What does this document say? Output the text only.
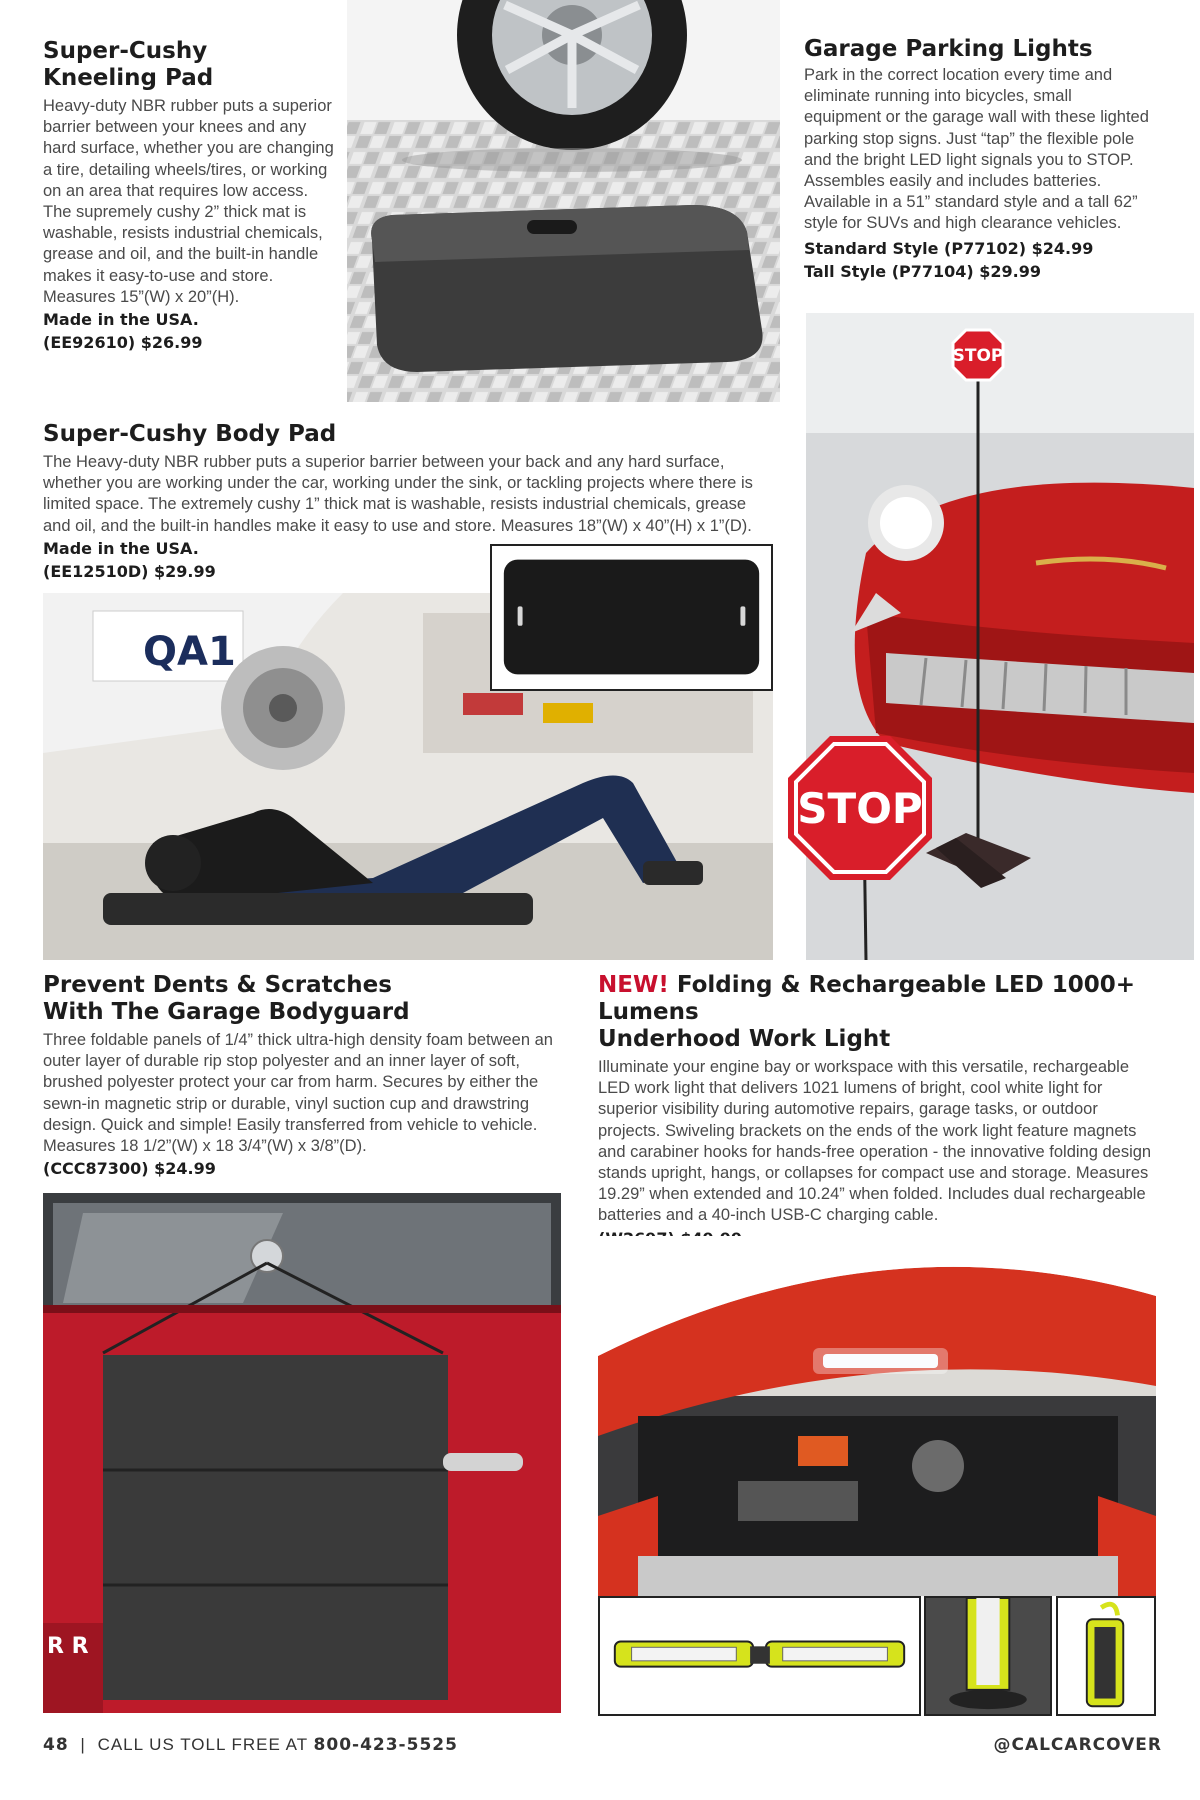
Super-Cushy
Kneeling Pad

Heavy-duty NBR rubber puts a superior barrier between your knees and any hard surface, whether you are changing a tire, detailing wheels/tires, or working on an area that requires low access. The supremely cushy 2” thick mat is washable, resists industrial chemicals, grease and oil, and the built-in handle makes it easy-to-use and store. Measures 15”(W) x 20”(H).

Made in the USA.
(EE92610) $26.99
Garage Parking Lights

Park in the correct location every time and eliminate running into bicycles, small equipment or the garage wall with these lighted parking stop signs. Just “tap” the flexible pole and the bright LED light signals you to STOP. Assembles easily and includes batteries. Available in a 51” standard style and a tall 62” style for SUVs and high clearance vehicles.

Standard Style (P77102) $24.99
Tall Style (P77104) $29.99
STOP
STOP
Super-Cushy Body Pad

The Heavy-duty NBR rubber puts a superior barrier between your back and any hard surface, whether you are working under the car, working under the sink, or tackling projects where there is limited space. The extremely cushy 1” thick mat is washable, resists industrial chemicals, grease and oil, and the built-in handles make it easy to use and store. Measures 18”(W) x 40”(H) x 1”(D). Made in the USA.

(EE12510D) $29.99
QA1
Prevent Dents & Scratches
With The Garage Bodyguard

Three foldable panels of 1/4” thick ultra-high density foam between an outer layer of durable rip stop polyester and an inner layer of soft, brushed polyester protect your car from harm. Secures by either the sewn-in magnetic strip or durable, vinyl suction cup and drawstring design. Quick and simple! Easily transferred from vehicle to vehicle. Measures 18 1/2”(W) x 18 3/4”(W) x 3/8”(D).

(CCC87300) $24.99
R R
NEW! Folding & Rechargeable LED 1000+ Lumens
Underhood Work Light

Illuminate your engine bay or workspace with this versatile, rechargeable LED work light that delivers 1021 lumens of bright, cool white light for superior visibility during automotive repairs, garage tasks, or outdoor projects. Swiveling brackets on the ends of the work light feature magnets and carabiner hooks for hands-free operation - the innovative folding design stands upright, hangs, or collapses for compact use and storage. Measures 19.29” when extended and 10.24” when folded. Includes dual rechargeable batteries and a 40-inch USB-C charging cable.

48 | CALL US TOLL FREE AT 800-423-5525	@CALCARCOVER
